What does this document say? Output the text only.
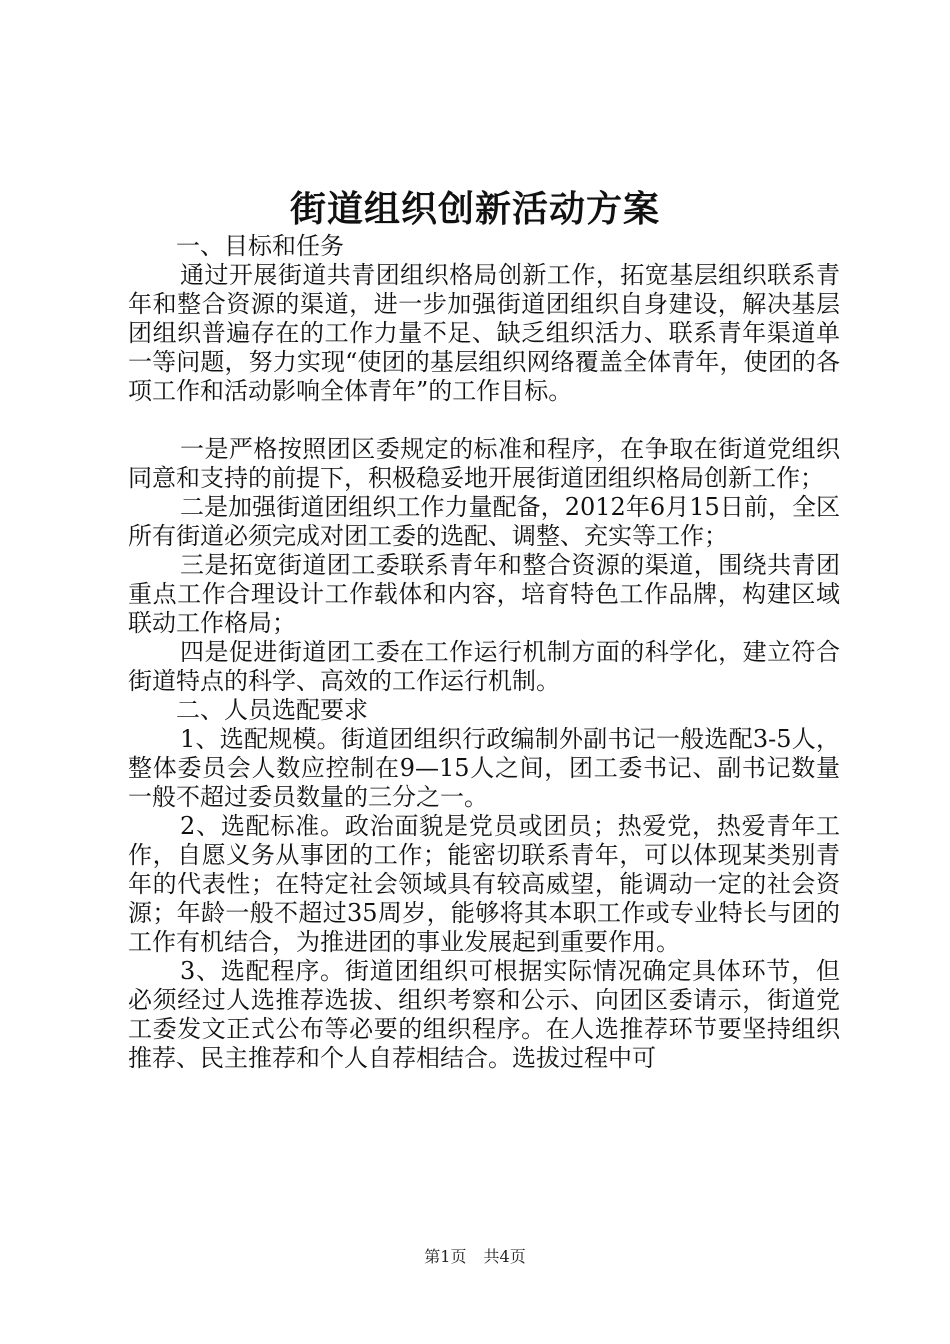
街道组织创新活动方案

一、目标和任务

通过开展街道共青团组织格局创新工作，拓宽基层组织联系青年和整合资源的渠道，进一步加强街道团组织自身建设，解决基层团组织普遍存在的工作力量不足、缺乏组织活力、联系青年渠道单一等问题，努力实现“使团的基层组织网络覆盖全体青年，使团的各项工作和活动影响全体青年”的工作目标。

一是严格按照团区委规定的标准和程序，在争取在街道党组织同意和支持的前提下，积极稳妥地开展街道团组织格局创新工作；

二是加强街道团组织工作力量配备，2012年6月15日前，全区所有街道必须完成对团工委的选配、调整、充实等工作；

三是拓宽街道团工委联系青年和整合资源的渠道，围绕共青团重点工作合理设计工作载体和内容，培育特色工作品牌，构建区域联动工作格局；

四是促进街道团工委在工作运行机制方面的科学化，建立符合街道特点的科学、高效的工作运行机制。

二、人员选配要求

1、选配规模。街道团组织行政编制外副书记一般选配3-5人，整体委员会人数应控制在9—15人之间，团工委书记、副书记数量一般不超过委员数量的三分之一。

2、选配标准。政治面貌是党员或团员；热爱党，热爱青年工作，自愿义务从事团的工作；能密切联系青年，可以体现某类别青年的代表性；在特定社会领域具有较高威望，能调动一定的社会资源；年龄一般不超过35周岁，能够将其本职工作或专业特长与团的工作有机结合，为推进团的事业发展起到重要作用。

3、选配程序。街道团组织可根据实际情况确定具体环节，但必须经过人选推荐选拔、组织考察和公示、向团区委请示，街道党工委发文正式公布等必要的组织程序。在人选推荐环节要坚持组织推荐、民主推荐和个人自荐相结合。选拔过程中可

第1页 共4页
